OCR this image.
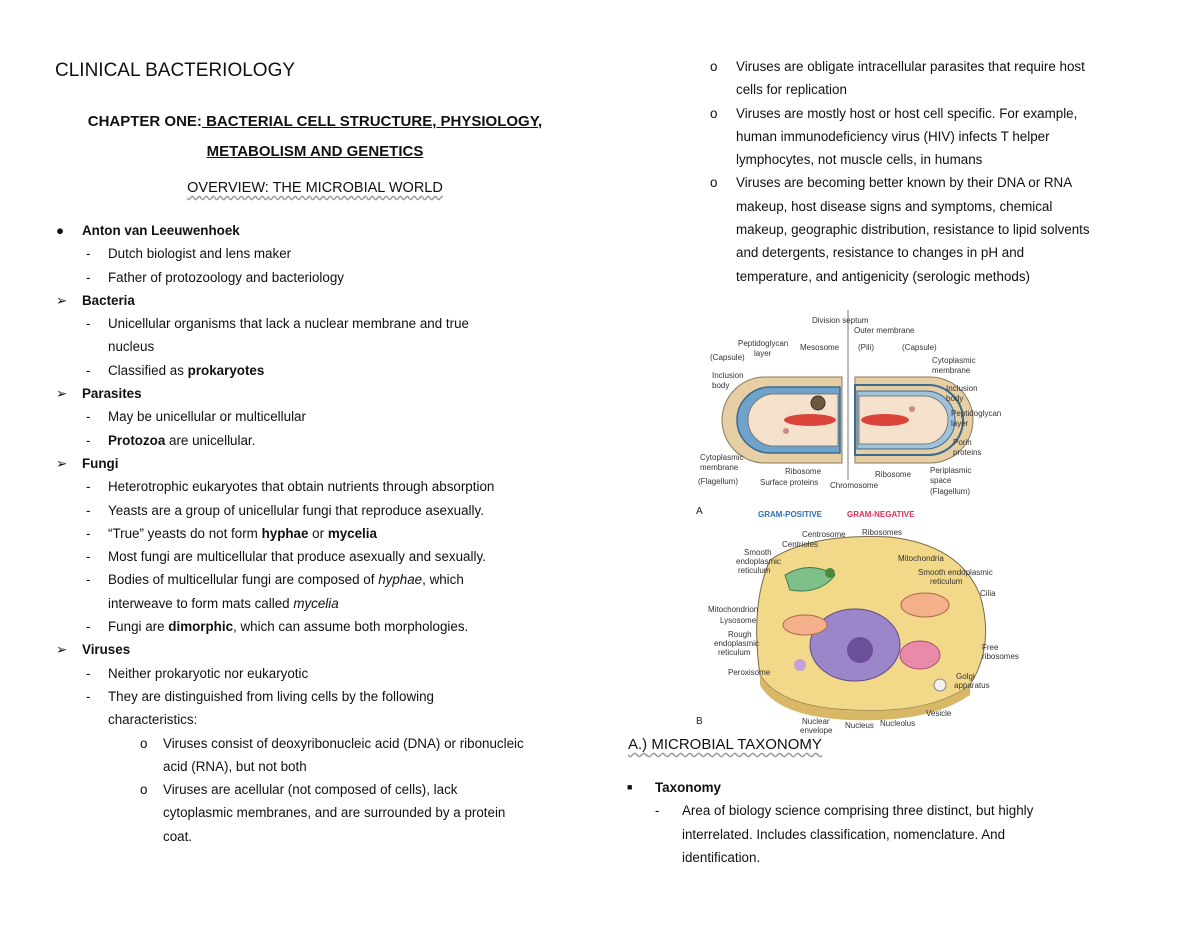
CLINICAL BACTERIOLOGY
CHAPTER ONE: BACTERIAL CELL STRUCTURE, PHYSIOLOGY,
METABOLISM AND GENETICS
OVERVIEW: THE MICROBIAL WORLD
● Anton van Leeuwenhoek
- Dutch biologist and lens maker
- Father of protozoology and bacteriology
➢ Bacteria
- Unicellular organisms that lack a nuclear membrane and true
nucleus
- Classified as prokaryotes
➢ Parasites
- May be unicellular or multicellular
- Protozoa are unicellular.
➢ Fungi
- Heterotrophic eukaryotes that obtain nutrients through absorption
- Yeasts are a group of unicellular fungi that reproduce asexually.
- “True” yeasts do not form hyphae or mycelia
- Most fungi are multicellular that produce asexually and sexually.
- Bodies of multicellular fungi are composed of hyphae, which
interweave to form mats called mycelia
- Fungi are dimorphic, which can assume both morphologies.
➢ Viruses
- Neither prokaryotic nor eukaryotic
- They are distinguished from living cells by the following
characteristics:
o Viruses consist of deoxyribonucleic acid (DNA) or ribonucleic
acid (RNA), but not both
o Viruses are acellular (not composed of cells), lack
cytoplasmic membranes, and are surrounded by a protein
coat.
o Viruses are obligate intracellular parasites that require host
cells for replication
o Viruses are mostly host or host cell specific. For example,
human immunodeficiency virus (HIV) infects T helper
lymphocytes, not muscle cells, in humans
o Viruses are becoming better known by their DNA or RNA
makeup, host disease signs and symptoms, chemical
makeup, geographic distribution, resistance to lipid solvents
and detergents, resistance to changes in pH and
temperature, and antigenicity (serologic methods)
Division septum
Outer membrane
Peptidoglycan
layer
Mesosome (Pili)	(Capsule)
(Capsule)	Cytoplasmic
membrane
Inclusion
body	Inclusion
body
Peptidoglycan
layer
Porin
proteins
Cytoplasmic
membrane
(Flagellum)
Ribosome
Surface proteins
Ribosome
Chromosome
Periplasmic
space
(Flagellum)
A	GRAM-POSITIVE	GRAM-NEGATIVE
Centrosome Ribosomes
Centrioles
Smooth
endoplasmic
reticulum
Mitochondria
Smooth endoplasmic
reticulum
Cilia
Mitochondrion
Lysosome
Rough
endoplasmic
reticulum
Free
ribosomes
Golgi
apparatus
Peroxisome
Vesicle
Nuclear
envelope
Nucleus Nucleolus
B
A.) MICROBIAL TAXONOMY
■ Taxonomy
- Area of biology science comprising three distinct, but highly
interrelated. Includes classification, nomenclature. And
identification.
